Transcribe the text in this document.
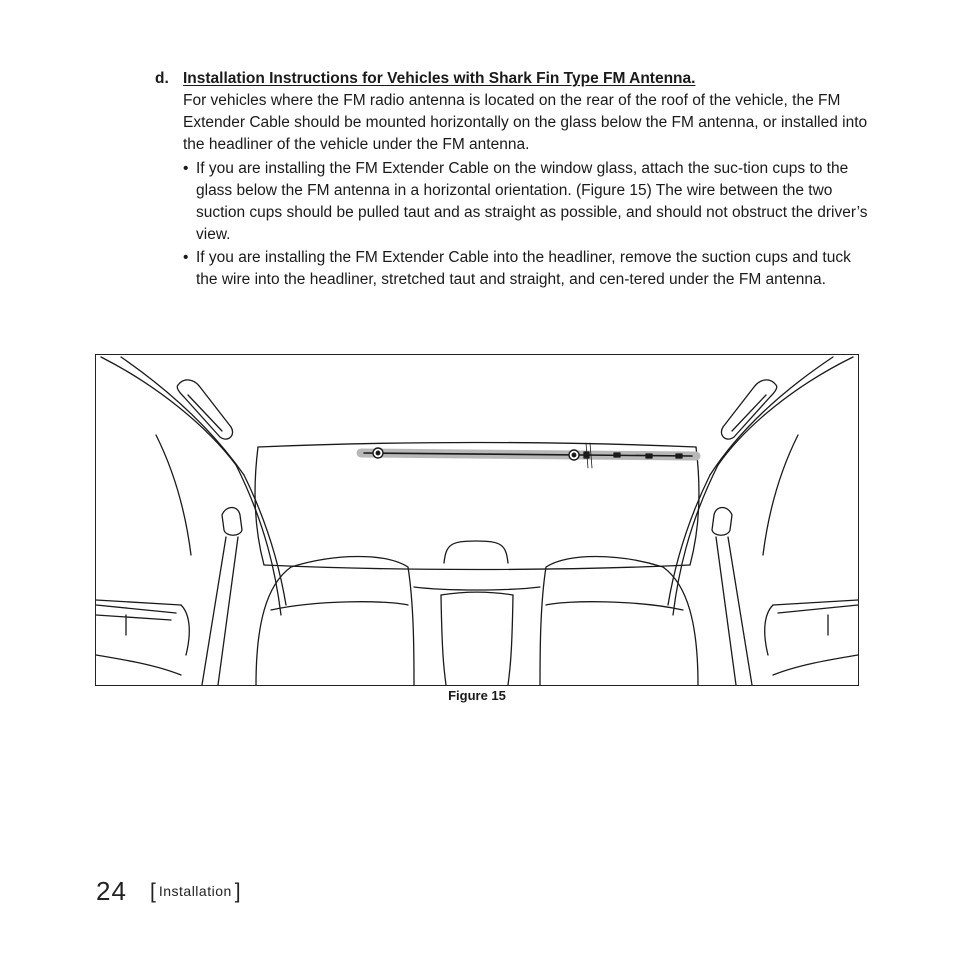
d. Installation Instructions for Vehicles with Shark Fin Type FM Antenna.

For vehicles where the FM radio antenna is located on the rear of the roof of the vehicle, the FM Extender Cable should be mounted horizontally on the glass below the FM antenna, or installed into the headliner of the vehicle under the FM antenna.

• If you are installing the FM Extender Cable on the window glass, attach the suc-tion cups to the glass below the FM antenna in a horizontal orientation. (Figure 15) The wire between the two suction cups should be pulled taut and as straight as possible, and should not obstruct the driver’s view.
• If you are installing the FM Extender Cable into the headliner, remove the suction cups and tuck the wire into the headliner, stretched taut and straight, and cen-tered under the FM antenna.
Figure 15
24 [ Installation ]
